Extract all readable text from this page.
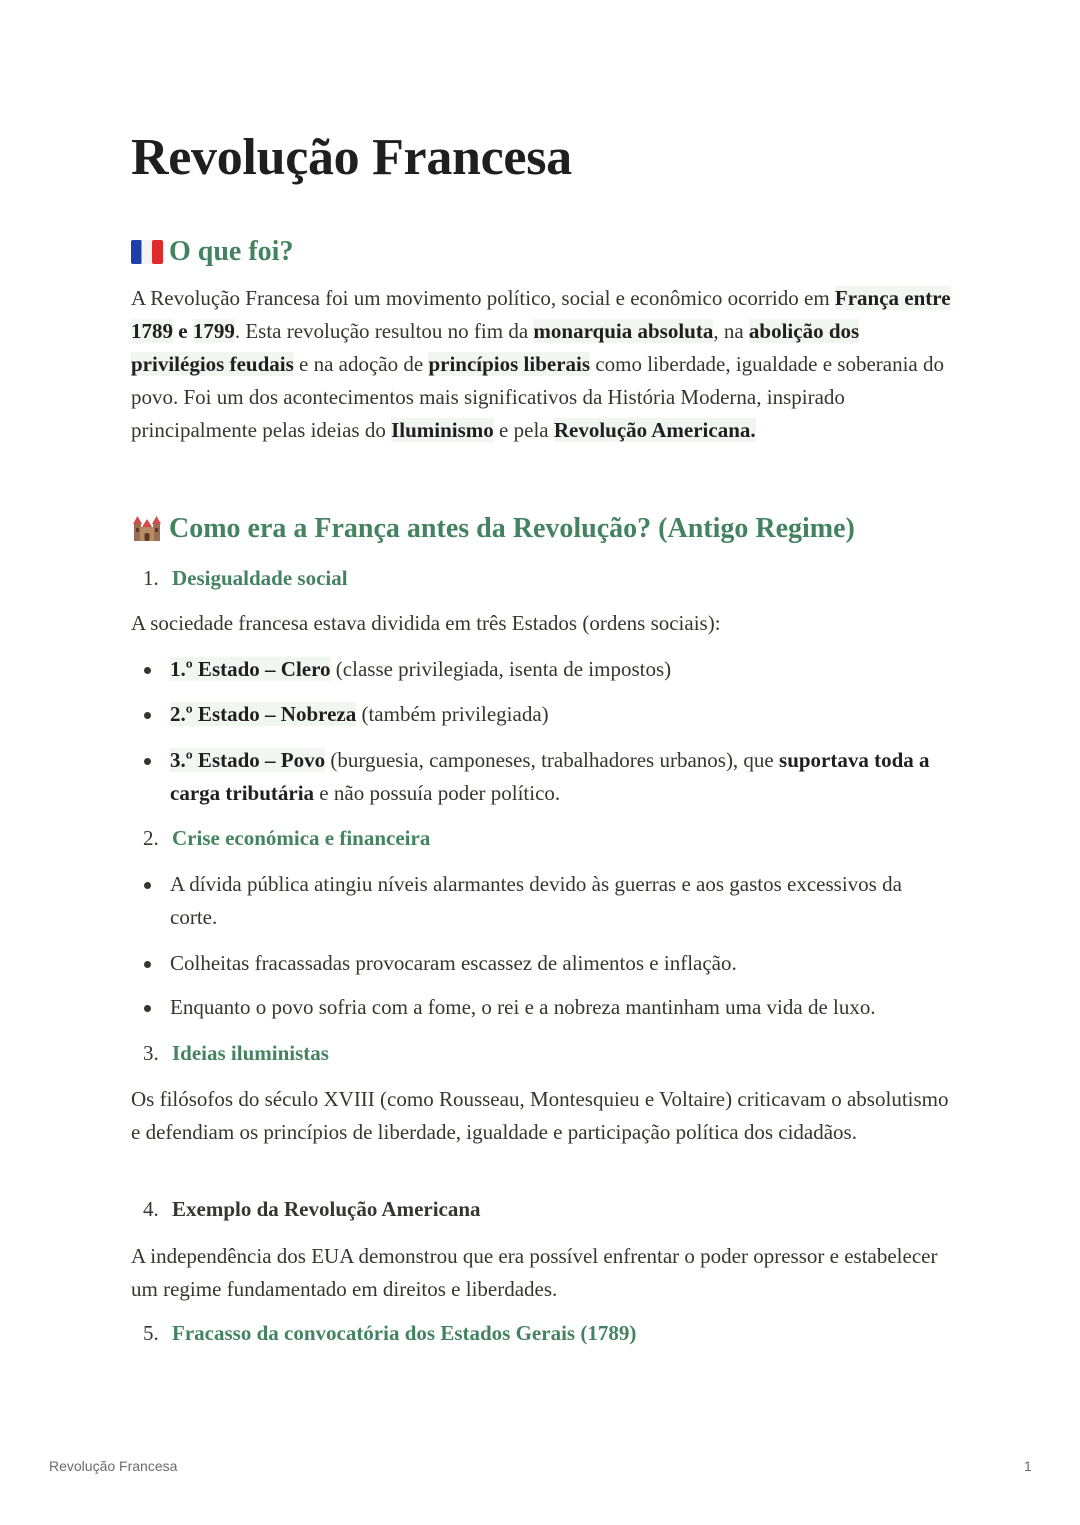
Revolução Francesa
O que foi?

A Revolução Francesa foi um movimento político, social e econômico ocorrido em França entre 1789 e 1799. Esta revolução resultou no fim da monarquia absoluta, na abolição dos privilégios feudais e na adoção de princípios liberais como liberdade, igualdade e soberania do povo. Foi um dos acontecimentos mais significativos da História Moderna, inspirado principalmente pelas ideias do Iluminismo e pela Revolução Americana.

Como era a França antes da Revolução? (Antigo Regime)
1. Desigualdade social

A sociedade francesa estava dividida em três Estados (ordens sociais):

1.º Estado – Clero (classe privilegiada, isenta de impostos)
2.º Estado – Nobreza (também privilegiada)
3.º Estado – Povo (burguesia, camponeses, trabalhadores urbanos), que suportava toda a carga tributária e não possuía poder político.
2. Crise económica e financeira
A dívida pública atingiu níveis alarmantes devido às guerras e aos gastos excessivos da corte.
Colheitas fracassadas provocaram escassez de alimentos e inflação.
Enquanto o povo sofria com a fome, o rei e a nobreza mantinham uma vida de luxo.
3. Ideias iluministas

Os filósofos do século XVIII (como Rousseau, Montesquieu e Voltaire) criticavam o absolutismo e defendiam os princípios de liberdade, igualdade e participação política dos cidadãos.

4. Exemplo da Revolução Americana

A independência dos EUA demonstrou que era possível enfrentar o poder opressor e estabelecer um regime fundamentado em direitos e liberdades.

5. Fracasso da convocatória dos Estados Gerais (1789)
Revolução Francesa	1
